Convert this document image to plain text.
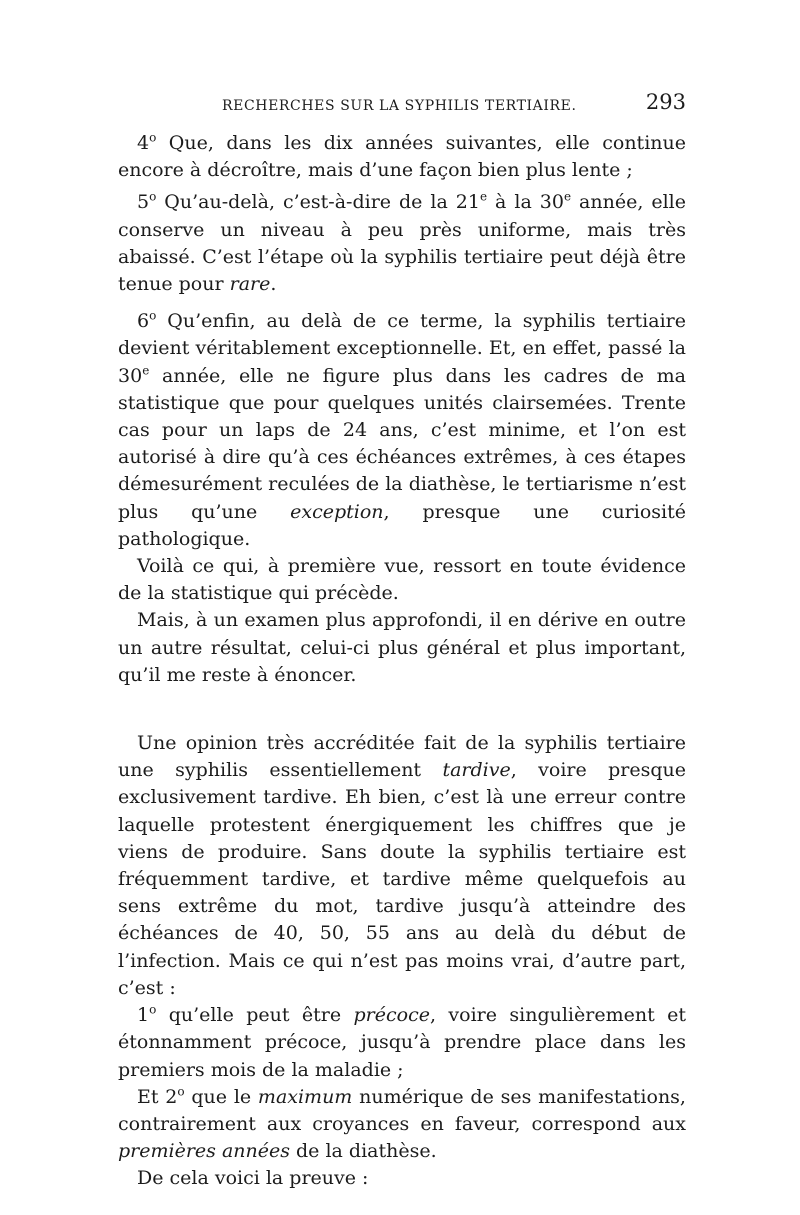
RECHERCHES SUR LA SYPHILIS TERTIAIRE.	293

4$^o$ Que, dans les dix années suivantes, elle continue encore à décroître, mais d’une façon bien plus lente ;

5$^o$ Qu’au-delà, c’est-à-dire de la 21e à la 30e année, elle conserve un niveau à peu près uniforme, mais très abaissé. C’est l’étape où la syphilis tertiaire peut déjà être tenue pour rare.

6$^o$ Qu’enfin, au delà de ce terme, la syphilis tertiaire devient véritablement exceptionnelle. Et, en effet, passé la 30e année, elle ne figure plus dans les cadres de ma statistique que pour quelques unités clairsemées. Trente cas pour un laps de 24 ans, c’est minime, et l’on est autorisé à dire qu’à ces échéances extrêmes, à ces étapes démesurément reculées de la diathèse, le tertiarisme n’est plus qu’une exception, presque une curiosité pathologique.

Voilà ce qui, à première vue, ressort en toute évidence de la statistique qui précède.

Mais, à un examen plus approfondi, il en dérive en outre un autre résultat, celui-ci plus général et plus important, qu’il me reste à énoncer.

Une opinion très accréditée fait de la syphilis tertiaire une syphilis essentiellement tardive, voire presque exclusivement tardive. Eh bien, c’est là une erreur contre laquelle protestent énergiquement les chiffres que je viens de produire. Sans doute la syphilis tertiaire est fréquemment tardive, et tardive même quelquefois au sens extrême du mot, tardive jusqu’à atteindre des échéances de 40, 50, 55 ans au delà du début de l’infection. Mais ce qui n’est pas moins vrai, d’autre part, c’est :

1$^o$ qu’elle peut être précoce, voire singulièrement et étonnamment précoce, jusqu’à prendre place dans les premiers mois de la maladie ;

Et 2$^o$ que le maximum numérique de ses manifestations, contrairement aux croyances en faveur, correspond aux premières années de la diathèse.

De cela voici la preuve :
